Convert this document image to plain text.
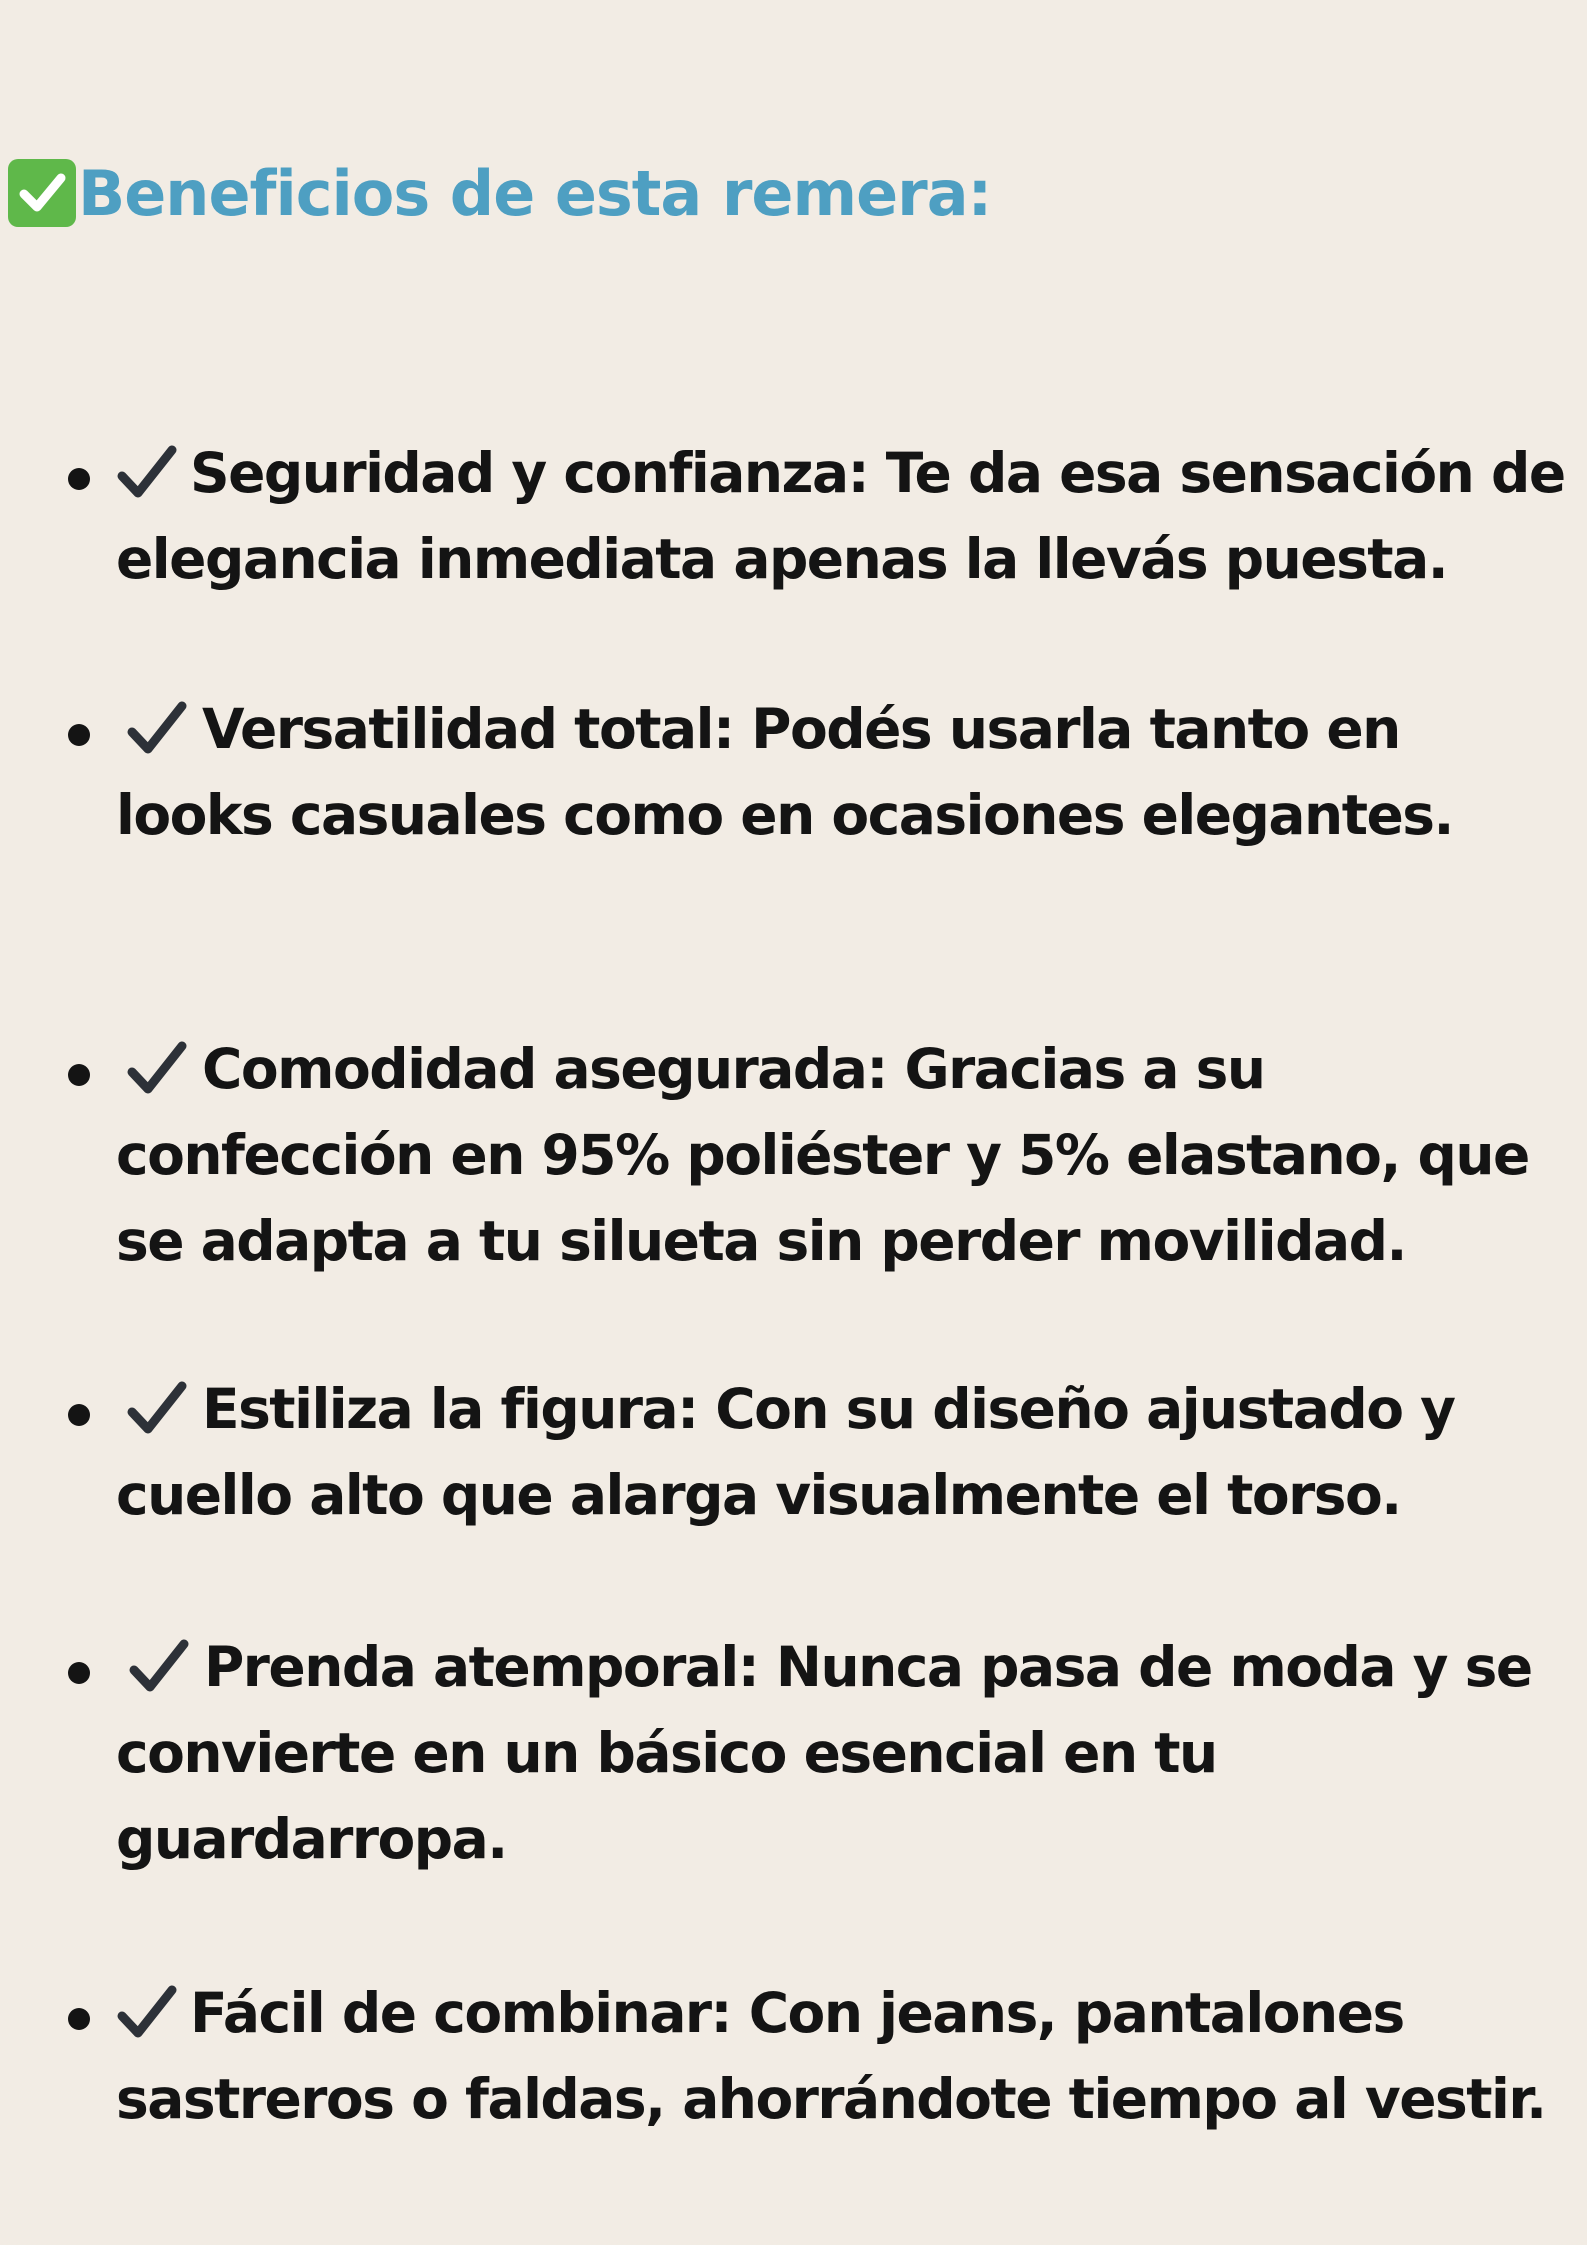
Beneficios de esta remera:
Seguridad y confianza: Te da esa sensación de elegancia inmediata apenas la llevás puesta.
Versatilidad total: Podés usarla tanto en looks casuales como en ocasiones elegantes.
Comodidad asegurada: Gracias a su confección en 95% poliéster y 5% elastano, que se adapta a tu silueta sin perder movilidad.
Estiliza la figura: Con su diseño ajustado y cuello alto que alarga visualmente el torso.
Prenda atemporal: Nunca pasa de moda y se convierte en un básico esencial en tu guardarropa.
Fácil de combinar: Con jeans, pantalones sastreros o faldas, ahorrándote tiempo al vestir.
